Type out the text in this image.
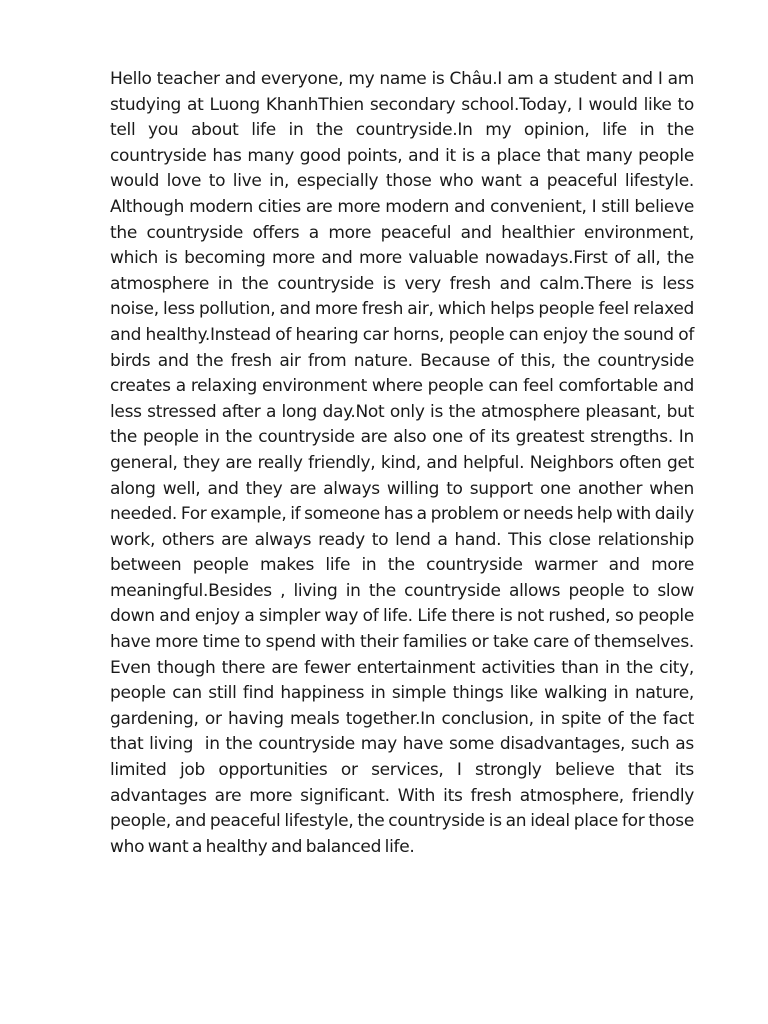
Hello teacher and everyone, my name is Châu.I am a student and I am studying at Luong KhanhThien secondary school.Today, I would like to tell you about life in the countryside.In my opinion, life in the countryside has many good points, and it is a place that many people would love to live in, especially those who want a peaceful lifestyle. Although modern cities are more modern and convenient, I still believe the countryside offers a more peaceful and healthier environment, which is becoming more and more valuable nowadays.First of all, the atmosphere in the countryside is very fresh and calm.There is less noise, less pollution, and more fresh air, which helps people feel relaxed and healthy.Instead of hearing car horns, people can enjoy the sound of birds and the fresh air from nature. Because of this, the countryside creates a relaxing environment where people can feel comfortable and less stressed after a long day.Not only is the atmosphere pleasant, but the people in the countryside are also one of its greatest strengths. In general, they are really friendly, kind, and helpful. Neighbors often get along well, and they are always willing to support one another when needed. For example, if someone has a problem or needs help with daily work, others are always ready to lend a hand. This close relationship between people makes life in the countryside warmer and more meaningful.Besides , living in the countryside allows people to slow down and enjoy a simpler way of life. Life there is not rushed, so people have more time to spend with their families or take care of themselves. Even though there are fewer entertainment activities than in the city, people can still find happiness in simple things like walking in nature, gardening, or having meals together.In conclusion, in spite of the fact that living  in the countryside may have some disadvantages, such as limited job opportunities or services, I strongly believe that its advantages are more significant. With its fresh atmosphere, friendly people, and peaceful lifestyle, the countryside is an ideal place for those who want a healthy and balanced life.
